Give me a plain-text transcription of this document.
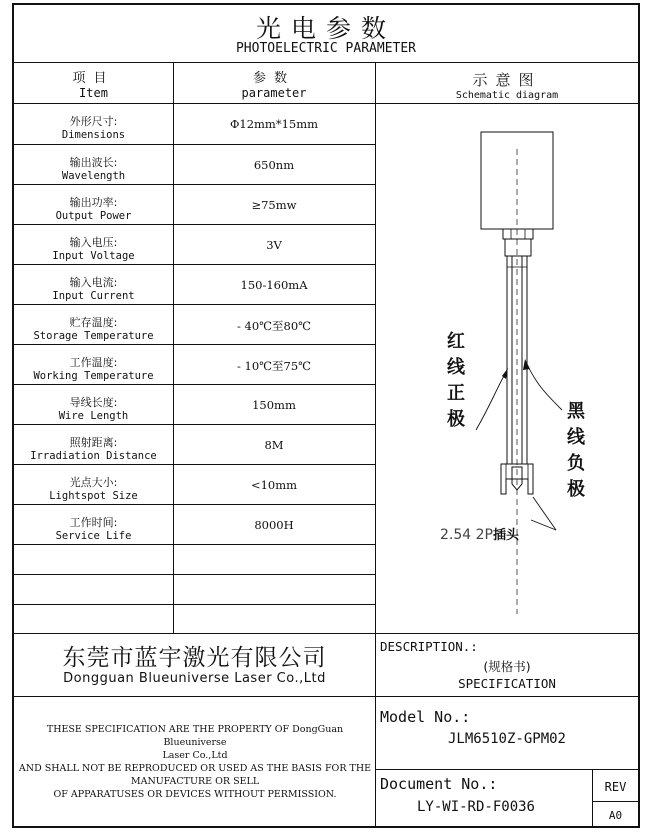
光电参数
PHOTOELECTRIC PARAMETER
项目
Item
参数
parameter
示意图
Schematic diagram
外形尺寸:
Dimensions
Φ12mm*15mm
输出波长:
Wavelength
650nm
输出功率:
Output Power
≥75mw
输入电压:
Input Voltage
3V
输入电流:
Input Current
150-160mA
贮存温度:
Storage Temperature
- 40℃至80℃
工作温度:
Working Temperature
- 10℃至75℃
导线长度:
Wire Length
150mm
照射距离:
Irradiation Distance
8M
光点大小:
Lightspot Size
<10mm
工作时间:
Service Life
8000H
红
线
正
极	黑
线
负
极
2.54 2P插头
东莞市蓝宇激光有限公司
Dongguan Blueuniverse Laser Co.,Ltd
DESCRIPTION.:
(规格书)
SPECIFICATION
THESE SPECIFICATION ARE THE PROPERTY OF DongGuan Blueuniverse
Laser Co.,Ltd
AND SHALL NOT BE REPRODUCED OR USED AS THE BASIS FOR THE
MANUFACTURE OR SELL
OF APPARATUSES OR DEVICES WITHOUT PERMISSION.
Model No.:
JLM6510Z-GPM02
Document No.:
LY-WI-RD-F0036
REV
A0
